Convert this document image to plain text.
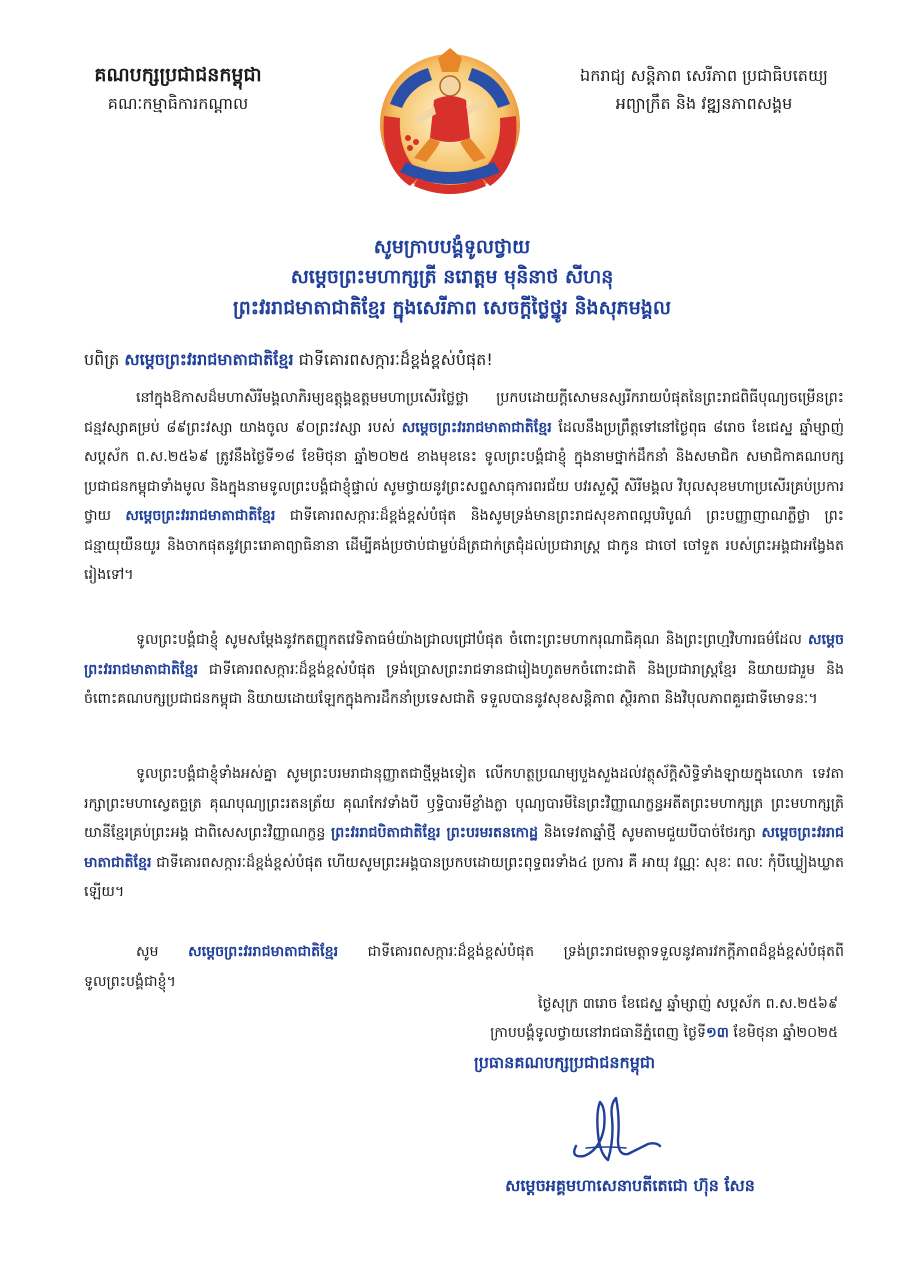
គណបក្សប្រជាជនកម្ពុជា
គណៈកម្មាធិការកណ្ដាល
ឯករាជ្យ សន្តិភាព សេរីភាព ប្រជាធិបតេយ្យ
អព្យាក្រឹត និង វឌ្ឍនភាពសង្គម
សូមក្រាបបង្គំទូលថ្វាយ
សម្តេចព្រះមហាក្សត្រី នរោត្តម មុនិនាថ សីហនុ
ព្រះវររាជមាតាជាតិខ្មែរ ក្នុងសេរីភាព សេចក្តីថ្លៃថ្នូរ និងសុភមង្គល
បពិត្រ សម្តេចព្រះវររាជមាតាជាតិខ្មែរ ជាទីគោរពសក្ការៈដ៏ខ្ពង់ខ្ពស់បំផុត!
នៅក្នុងឱកាសដ៏មហាសិរីមង្គលាភិរម្យឧត្តុង្គឧត្តមមហាប្រសើរថ្លៃថ្លា ប្រកបដោយក្តីសោមនស្សរីករាយបំផុតនៃព្រះរាជពិធីបុណ្យចម្រើនព្រះជន្មវស្សាគម្រប់ ៨៩ព្រះវស្សា យាងចូល ៩០ព្រះវស្សា របស់ សម្តេចព្រះវររាជមាតាជាតិខ្មែរ ដែលនឹងប្រព្រឹត្តទៅនៅថ្ងៃពុធ ៨រោច ខែជេស្ឋ ឆ្នាំម្សាញ់ សប្តស័ក ព.ស.២៥៦៩ ត្រូវនឹងថ្ងៃទី១៨ ខែមិថុនា ឆ្នាំ២០២៥ ខាងមុខនេះ ទូលព្រះបង្គំជាខ្ញុំ ក្នុងនាមថ្នាក់ដឹកនាំ និងសមាជិក សមាជិកាគណបក្សប្រជាជនកម្ពុជាទាំងមូល និងក្នុងនាមទូលព្រះបង្គំជាខ្ញុំផ្ទាល់ សូមថ្វាយនូវព្រះសព្ទសាធុការពរជ័យ បវរសួស្តី សិរីមង្គល វិបុលសុខមហាប្រសើរគ្រប់ប្រការថ្វាយ សម្តេចព្រះវររាជមាតាជាតិខ្មែរ ជាទីគោរពសក្ការៈដ៏ខ្ពង់ខ្ពស់បំផុត និងសូមទ្រង់មានព្រះរាជសុខភាពល្អបរិបូណ៌ ព្រះបញ្ញាញាណភ្លឺថ្លា ព្រះជន្មាយុយឺនយូរ និងចាកផុតនូវព្រះរោគាព្យាធិនានា ដើម្បីគង់ប្រថាប់ជាម្លប់ដ៏ត្រជាក់ត្រជុំដល់ប្រជារាស្ត្រ ជាកូន ជាចៅ ចៅទួត របស់ព្រះអង្គជាអង្វែងតរៀងទៅ។
ទូលព្រះបង្គំជាខ្ញុំ សូមសម្តែងនូវកតញ្ញុកតវេទិតាធម៌យ៉ាងជ្រាលជ្រៅបំផុត ចំពោះព្រះមហាករុណាធិគុណ និងព្រះព្រហ្មវិហារធម៌ដែល សម្តេចព្រះវររាជមាតាជាតិខ្មែរ ជាទីគោរពសក្ការៈដ៏ខ្ពង់ខ្ពស់បំផុត ទ្រង់ប្រោសព្រះរាជទានជារៀងហូតមកចំពោះជាតិ និងប្រជារាស្ត្រខ្មែរ និយាយជារួម និងចំពោះគណបក្សប្រជាជនកម្ពុជា និយាយដោយឡែកក្នុងការដឹកនាំប្រទេសជាតិ ទទួលបាននូវសុខសន្តិភាព ស្ថិរភាព និងវិបុលភាពគួរជាទីមោទនៈ។
ទូលព្រះបង្គំជាខ្ញុំទាំងអស់គ្នា សូមព្រះបរមរាជានុញ្ញាតជាថ្មីម្តងទៀត លើកហត្ថប្រណម្យបួងសួងដល់វត្ថុស័ក្តិសិទ្ធិទាំងឡាយក្នុងលោក ទេវតារក្សាព្រះមហាស្វេតច្ឆត្រ គុណបុណ្យព្រះរតនត្រ័យ គុណកែវទាំងបី ឫទ្ធិបារមីខ្លាំងក្លា បុណ្យបារមីនៃព្រះវិញ្ញាណក្ខន្ធអតីតព្រះមហាក្សត្រ ព្រះមហាក្សត្រិយានីខ្មែរគ្រប់ព្រះអង្គ ជាពិសេសព្រះវិញ្ញាណក្ខន្ធ ព្រះវររាជបិតាជាតិខ្មែរ ព្រះបរមរតនកោដ្ឋ និងទេវតាឆ្នាំថ្មី សូមតាមជួយបីបាច់ថែរក្សា សម្តេចព្រះវររាជមាតាជាតិខ្មែរ ជាទីគោរពសក្ការៈដ៏ខ្ពង់ខ្ពស់បំផុត ហើយសូមព្រះអង្គបានប្រកបដោយព្រះពុទ្ធពរទាំង៤ ប្រការ គឺ អាយុ វណ្ណៈ សុខៈ ពលៈ កុំបីឃ្លៀងឃ្លាតឡើយ។
សូម សម្តេចព្រះវររាជមាតាជាតិខ្មែរ ជាទីគោរពសក្ការៈដ៏ខ្ពង់ខ្ពស់បំផុត ទ្រង់ព្រះរាជមេត្តាទទួលនូវគារវកក្តីភាពដ៏ខ្ពង់ខ្ពស់បំផុតពីទូលព្រះបង្គំជាខ្ញុំ។
ថ្ងៃសុក្រ ៣រោច ខែជេស្ឋ ឆ្នាំម្សាញ់ សប្តស័ក ព.ស.២៥៦៩
ក្រាបបង្គំទូលថ្វាយនៅរាជធានីភ្នំពេញ ថ្ងៃទី១៣ ខែមិថុនា ឆ្នាំ២០២៥
ប្រធានគណបក្សប្រជាជនកម្ពុជា
សម្តេចអគ្គមហាសេនាបតីតេជោ ហ៊ុន សែន
